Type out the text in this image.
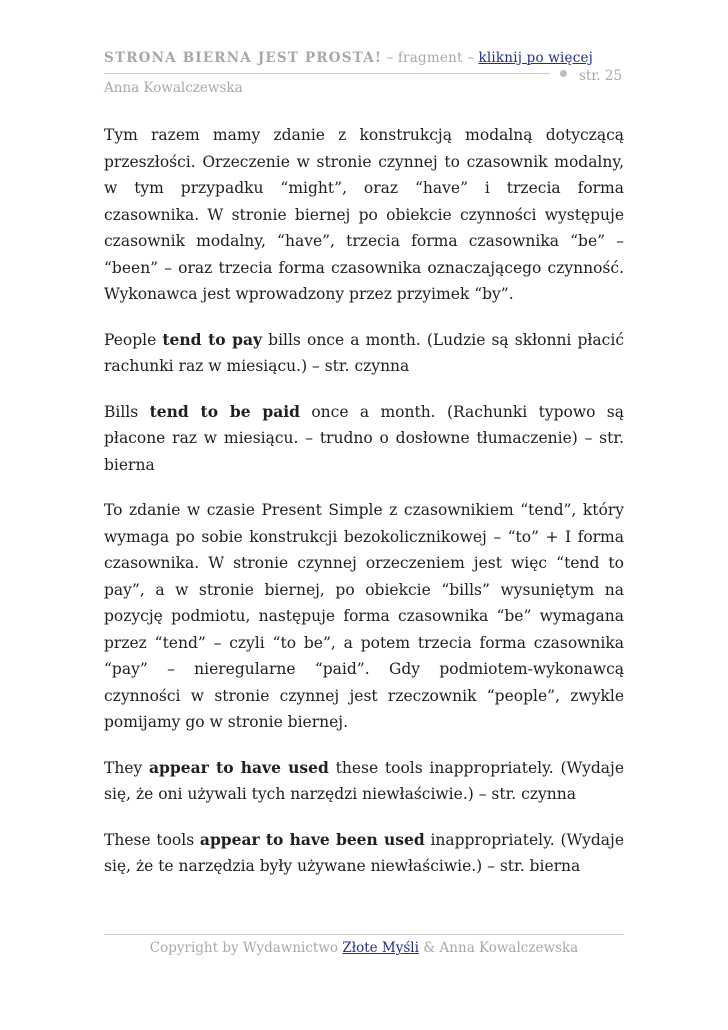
STRONA BIERNA JEST PROSTA! – fragment – kliknij po więcej
str. 25
Anna Kowalczewska

Tym razem mamy zdanie z konstrukcją modalną dotyczącą przeszłości. Orzeczenie w stronie czynnej to czasownik modalny, w tym przypadku “might”, oraz “have” i trzecia forma czasownika. W stronie biernej po obiekcie czynności występuje czasownik modalny, “have”, trzecia forma czasownika “be” – “been” – oraz trzecia forma czasownika oznaczającego czynność. Wykonawca jest wprowadzony przez przyimek “by”.

People tend to pay bills once a month. (Ludzie są skłonni płacić rachunki raz w miesiącu.) – str. czynna

Bills tend to be paid once a month. (Rachunki typowo są płacone raz w miesiącu. – trudno o dosłowne tłumaczenie) – str. bierna

To zdanie w czasie Present Simple z czasownikiem “tend”, który wymaga po sobie konstrukcji bezokolicznikowej – “to” + I forma czasownika. W stronie czynnej orzeczeniem jest więc “tend to pay”, a w stronie biernej, po obiekcie “bills” wysuniętym na pozycję podmiotu, następuje forma czasownika “be” wymagana przez “tend” – czyli “to be”, a potem trzecia forma czasownika “pay” – nieregularne “paid”. Gdy podmiotem-wykonawcą czynności w stronie czynnej jest rzeczownik “people”, zwykle pomijamy go w stronie biernej.

They appear to have used these tools inappropriately. (Wydaje się, że oni używali tych narzędzi niewłaściwie.) – str. czynna

These tools appear to have been used inappropriately. (Wydaje się, że te narzędzia były używane niewłaściwie.) – str. bierna

Copyright by Wydawnictwo Złote Myśli & Anna Kowalczewska
